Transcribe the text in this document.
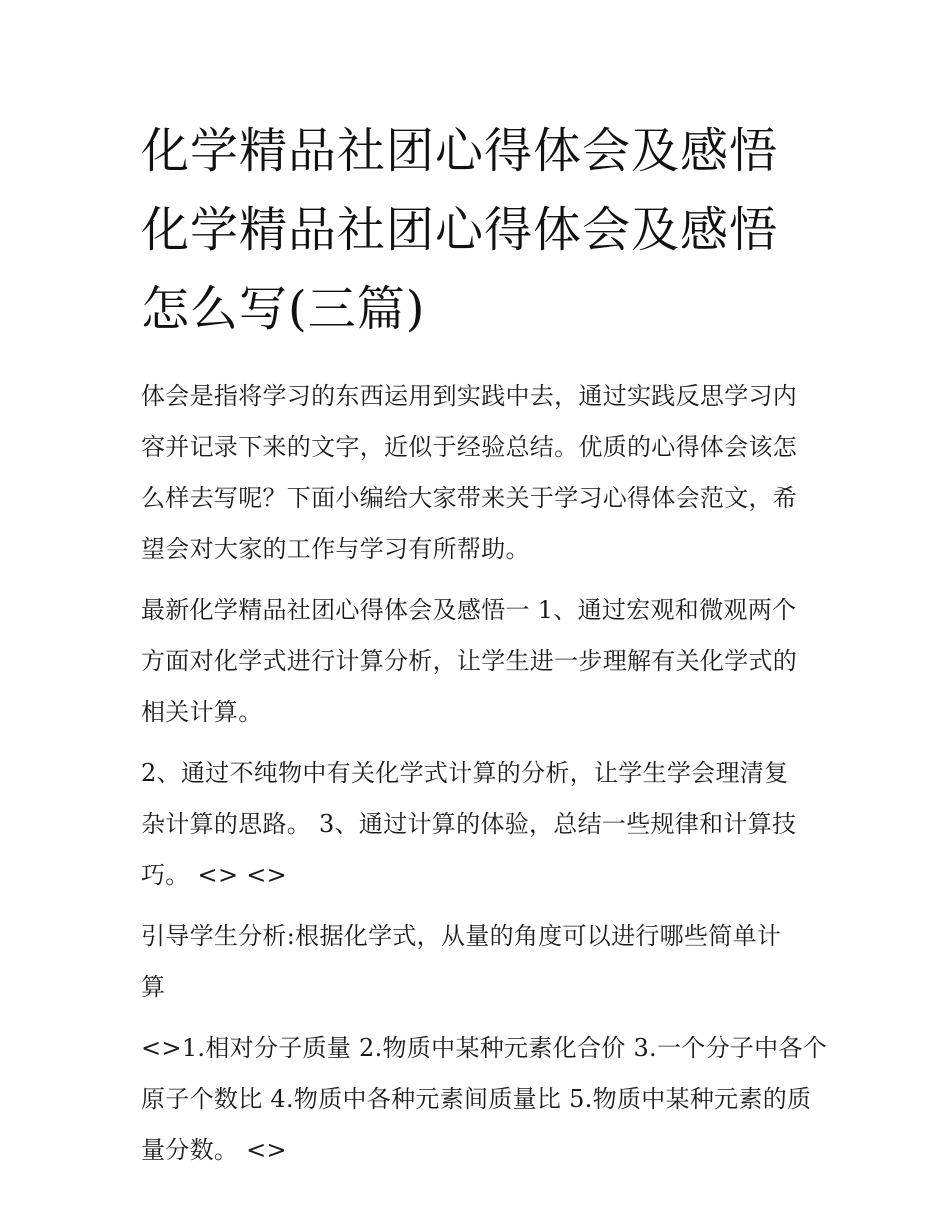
化学精品社团心得体会及感悟
化学精品社团心得体会及感悟
怎么写(三篇)

体会是指将学习的东西运用到实践中去，通过实践反思学习内
容并记录下来的文字，近似于经验总结。优质的心得体会该怎
么样去写呢？下面小编给大家带来关于学习心得体会范文，希
望会对大家的工作与学习有所帮助。

最新化学精品社团心得体会及感悟一 1、通过宏观和微观两个
方面对化学式进行计算分析，让学生进一步理解有关化学式的
相关计算。

2、通过不纯物中有关化学式计算的分析，让学生学会理清复
杂计算的思路。 3、通过计算的体验，总结一些规律和计算技
巧。 <> <>

引导学生分析:根据化学式，从量的角度可以进行哪些简单计
算

<>1.相对分子质量 2.物质中某种元素化合价 3.一个分子中各个
原子个数比 4.物质中各种元素间质量比 5.物质中某种元素的质
量分数。 <>
